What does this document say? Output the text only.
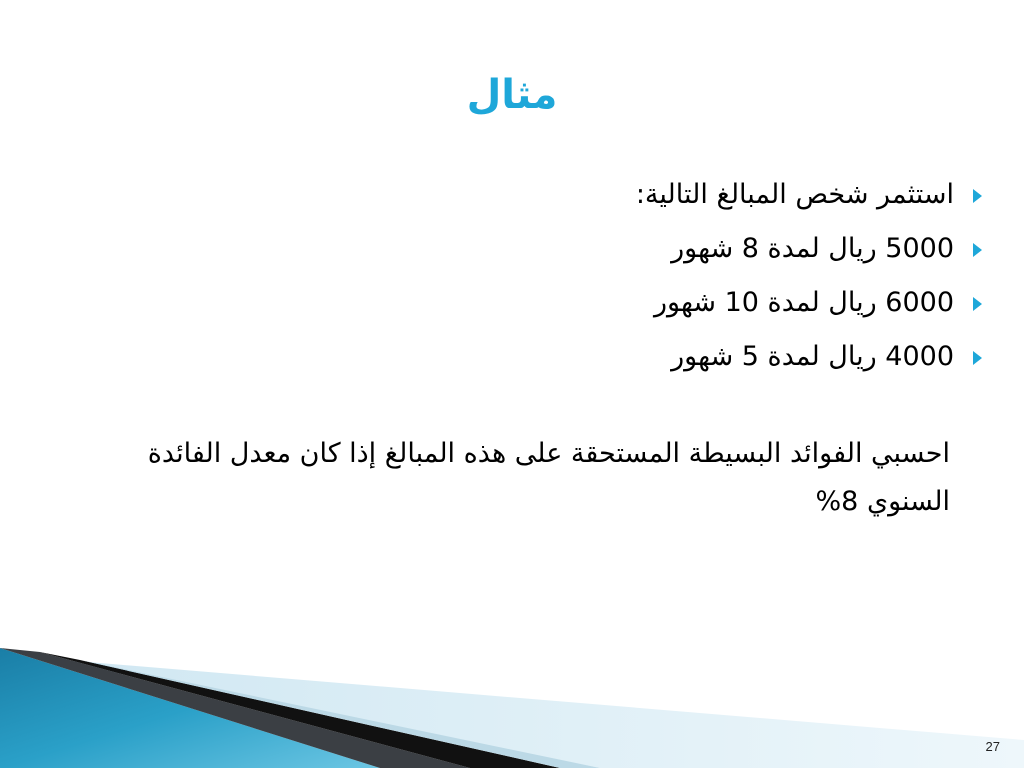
مثال
استثمر شخص المبالغ التالية:
5000 ريال لمدة 8 شهور
6000 ريال لمدة 10 شهور
4000 ريال لمدة 5 شهور
احسبي الفوائد البسيطة المستحقة على هذه المبالغ إذا كان معدل الفائدة السنوي 8%
27
